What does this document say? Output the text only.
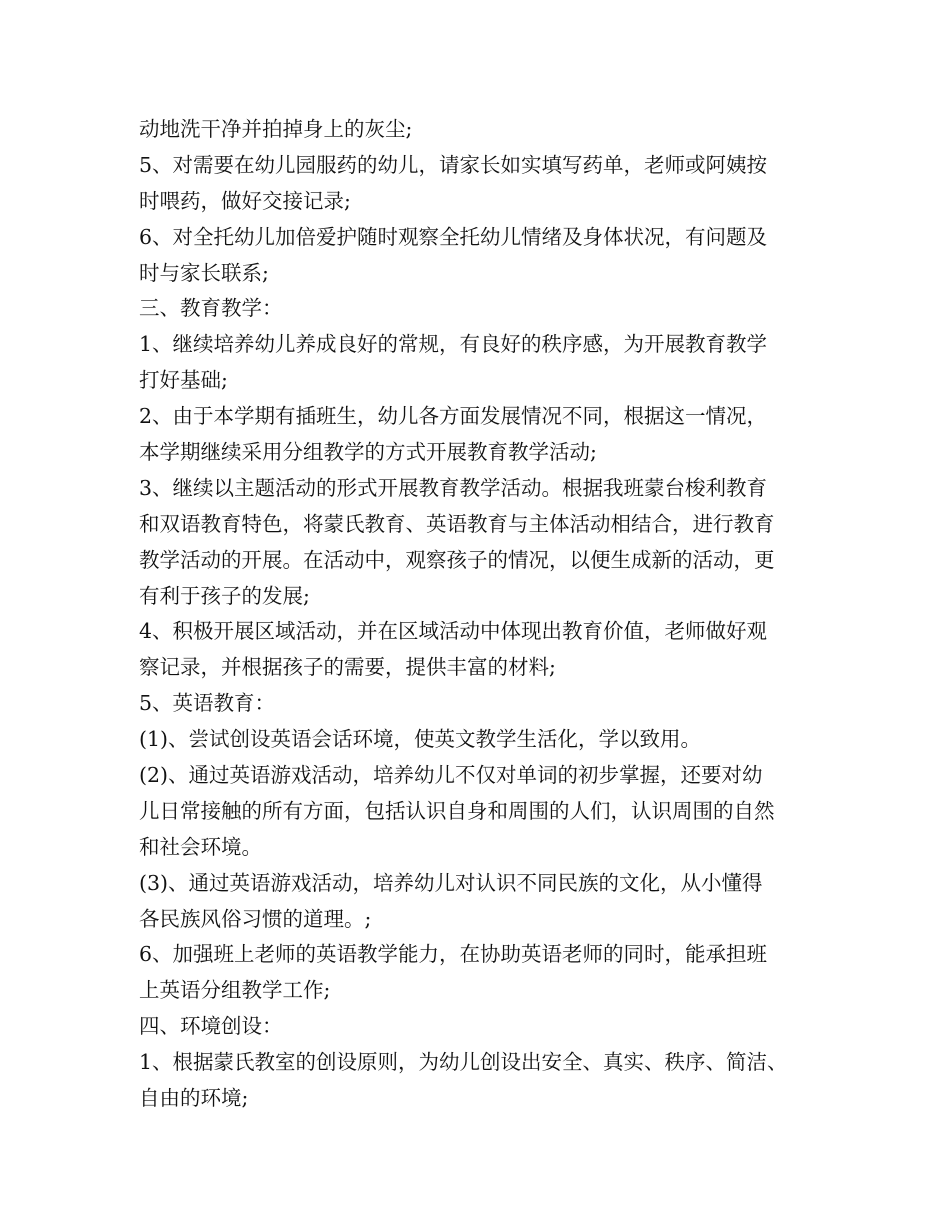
动地洗干净并拍掉身上的灰尘;
5、对需要在幼儿园服药的幼儿，请家长如实填写药单，老师或阿姨按
时喂药，做好交接记录;
6、对全托幼儿加倍爱护随时观察全托幼儿情绪及身体状况，有问题及
时与家长联系;
三、教育教学：
1、继续培养幼儿养成良好的常规，有良好的秩序感，为开展教育教学
打好基础;
2、由于本学期有插班生，幼儿各方面发展情况不同，根据这一情况，
本学期继续采用分组教学的方式开展教育教学活动;
3、继续以主题活动的形式开展教育教学活动。根据我班蒙台梭利教育
和双语教育特色，将蒙氏教育、英语教育与主体活动相结合，进行教育
教学活动的开展。在活动中，观察孩子的情况，以便生成新的活动，更
有利于孩子的发展;
4、积极开展区域活动，并在区域活动中体现出教育价值，老师做好观
察记录，并根据孩子的需要，提供丰富的材料;
5、英语教育：
(1)、尝试创设英语会话环境，使英文教学生活化，学以致用。
(2)、通过英语游戏活动，培养幼儿不仅对单词的初步掌握，还要对幼
儿日常接触的所有方面，包括认识自身和周围的人们，认识周围的自然
和社会环境。
(3)、通过英语游戏活动，培养幼儿对认识不同民族的文化，从小懂得
各民族风俗习惯的道理。;
6、加强班上老师的英语教学能力，在协助英语老师的同时，能承担班
上英语分组教学工作;
四、环境创设：
1、根据蒙氏教室的创设原则，为幼儿创设出安全、真实、秩序、简洁、
自由的环境;
